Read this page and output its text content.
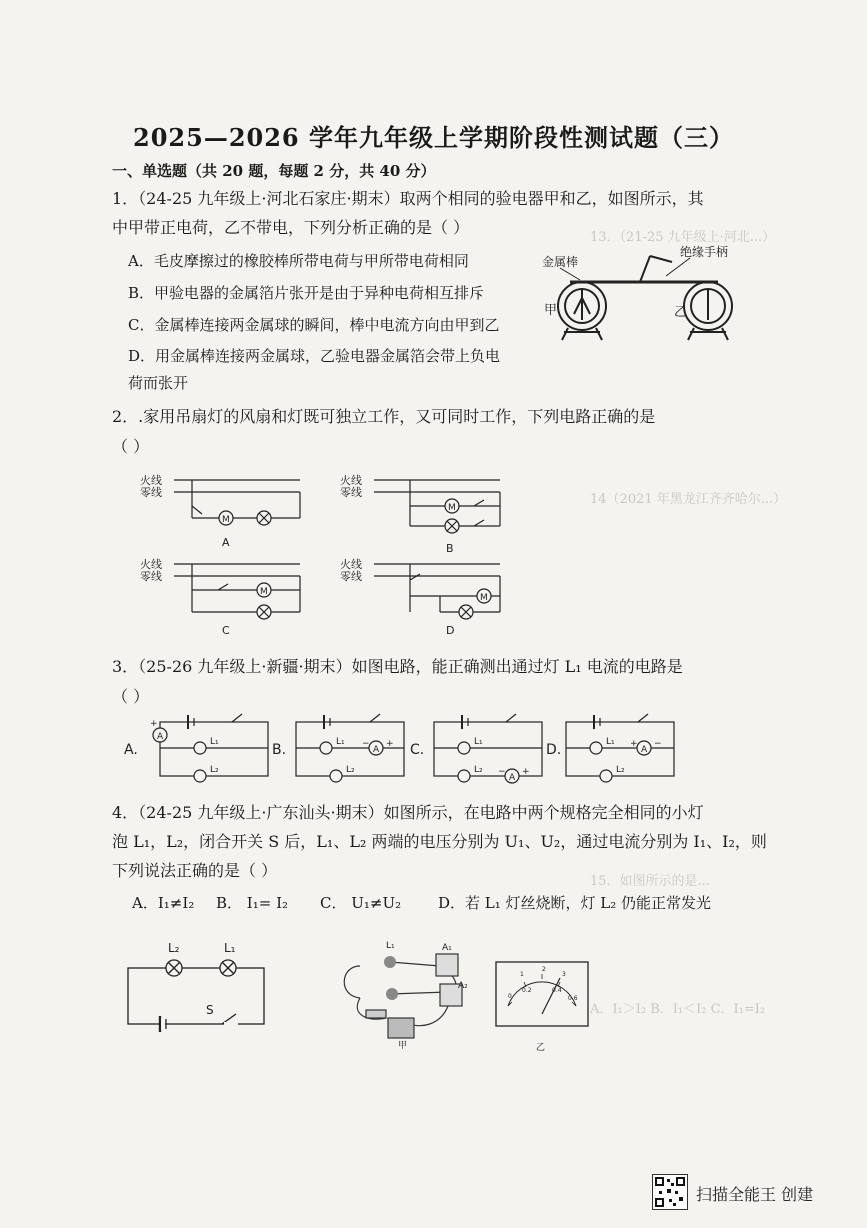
13．（21-25 九年级上·河北...）
14（2021 年黑龙江齐齐哈尔...）
15．如图所示的是...
A．I₁＞I₂ B．I₁＜I₂ C．I₁=I₂
2025—2026 学年九年级上学期阶段性测试题（三）
一、单选题（共 20 题，每题 2 分，共 40 分）
1．（24-25 九年级上·河北石家庄·期末）取两个相同的验电器甲和乙，如图所示，其
中甲带正电荷，乙不带电，下列分析正确的是（ ）
A．毛皮摩擦过的橡胶棒所带电荷与甲所带电荷相同
B．甲验电器的金属箔片张开是由于异种电荷相互排斥
C．金属棒连接两金属球的瞬间，棒中电流方向由甲到乙
D．用金属棒连接两金属球，乙验电器金属箔会带上负电
荷而张开
金属棒
绝缘手柄
甲	乙
2．.家用吊扇灯的风扇和灯既可独立工作，又可同时工作，下列电路正确的是
（ ）
火线
零线
火线
零线
火线
零线
火线
零线
M
M
M
M
A	B
C	D
3．（25-26 九年级上·新疆·期末）如图电路，能正确测出通过灯 L₁ 电流的电路是
（ ）
A
A
A
A
+
+
−
+
−
+ −
L₁
L₂
L₁
L₂
L₁
L₂
L₁
L₂
A.	B.	C.	D.
4．（24-25 九年级上·广东汕头·期末）如图所示，在电路中两个规格完全相同的小灯
泡 L₁，L₂，闭合开关 S 后，L₁、L₂ 两端的电压分别为 U₁、U₂，通过电流分别为 I₁、I₂，则
下列说法正确的是（ ）
A．I₁≠I₂ B． I₁= I₂ C． U₁≠U₂ D．若 L₁ 灯丝烧断，灯 L₂ 仍能正常发光
L₂	L₁
S
L₁	A₁
A₂
甲
0
0.2	0.4
0.6
1
2
3
乙
扫描全能王 创建
